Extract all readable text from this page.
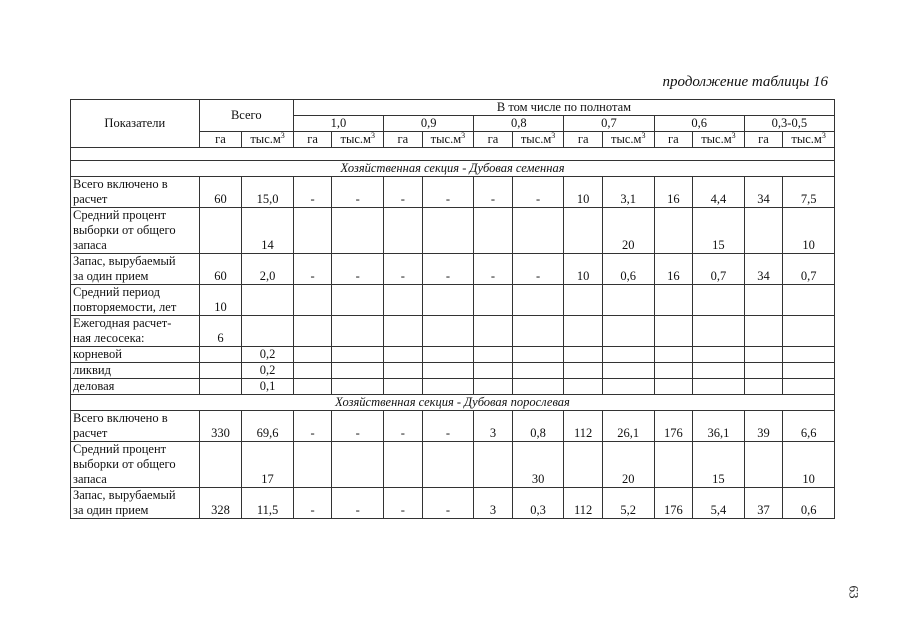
продолжение таблицы 16
Показатели	Всего		В том числе по полнотам											
			1,0		0,9		0,8		0,7		0,6		0,3-0,5	
	га	$тыс.м^3$	га	$тыс.м^3$	га	$тыс.м^3$	га	$тыс.м^3$	га	$тыс.м^3$	га	$тыс.м^3$	га	$тыс.м^3$

Хозяйственная секция - Дубовая семенная														

Всего включено в
расчет	60	15,0	-	-	-	-	-	-	10	3,1	16	4,4	34	7,5

Средний процент
выборки от общего
запаса		14								20		15		10

Запас, вырубаемый
за один прием	60	2,0	-	-	-	-	-	-	10	0,6	16	0,7	34	0,7

Средний период
повторяемости, лет	10													

Ежегодная расчет-
ная лесосека:	6													

корневой		0,2												

ликвид		0,2												

деловая		0,1												
Хозяйственная секция - Дубовая порослевая														

Всего включено в
расчет	330	69,6	-	-	-	-	3	0,8	112	26,1	176	36,1	39	6,6

Средний процент
выборки от общего
запаса		17						30		20		15		10

Запас, вырубаемый
за один прием	328	11,5	-	-	-	-	3	0,3	112	5,2	176	5,4	37	0,6
63
